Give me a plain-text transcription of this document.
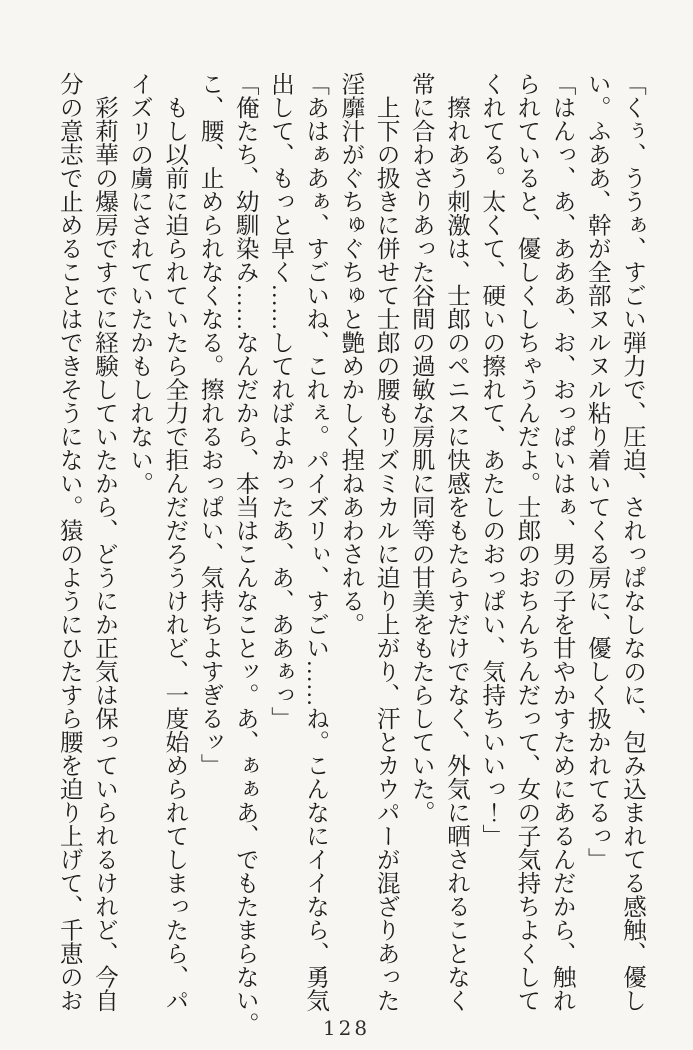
「くぅ、ううぁ、すごい弾力で、圧迫、されっぱなしなのに、包み込まれてる感触、優し
い。ふああ、幹が全部ヌルヌル粘り着いてくる房に、優しく扱かれてるっ」
「はんっ、あ、あああ、お、おっぱいはぁ、男の子を甘やかすためにあるんだから、触れ
られていると、優しくしちゃうんだよ。士郎のおちんちんだって、女の子気持ちよくして
くれてる。太くて、硬いの擦れて、あたしのおっぱい、気持ちいいっ！」
　擦れあう刺激は、士郎のペニスに快感をもたらすだけでなく、外気に晒されることなく
常に合わさりあった谷間の過敏な房肌に同等の甘美をもたらしていた。
　上下の扱きに併せて士郎の腰もリズミカルに迫り上がり、汗とカウパーが混ざりあった
淫靡汁がぐちゅぐちゅと艶めかしく捏ねあわされる。
「あはぁあぁ、すごいね、これぇ。パイズリぃ、すごい……ね。こんなにイイなら、勇気
出して、もっと早く……してればよかったあ、あ、ああぁっ」
「俺たち、幼馴染み……なんだから、本当はこんなことッ。あ、ぁぁあ、でもたまらない。
こ、腰、止められなくなる。擦れるおっぱい、気持ちよすぎるッ」
　もし以前に迫られていたら全力で拒んだだろうけれど、一度始められてしまったら、パ
イズリの虜にされていたかもしれない。
　彩莉華の爆房ですでに経験していたから、どうにか正気は保っていられるけれど、今自
分の意志で止めることはできそうにない。猿のようにひたすら腰を迫り上げて、千恵のお
128
